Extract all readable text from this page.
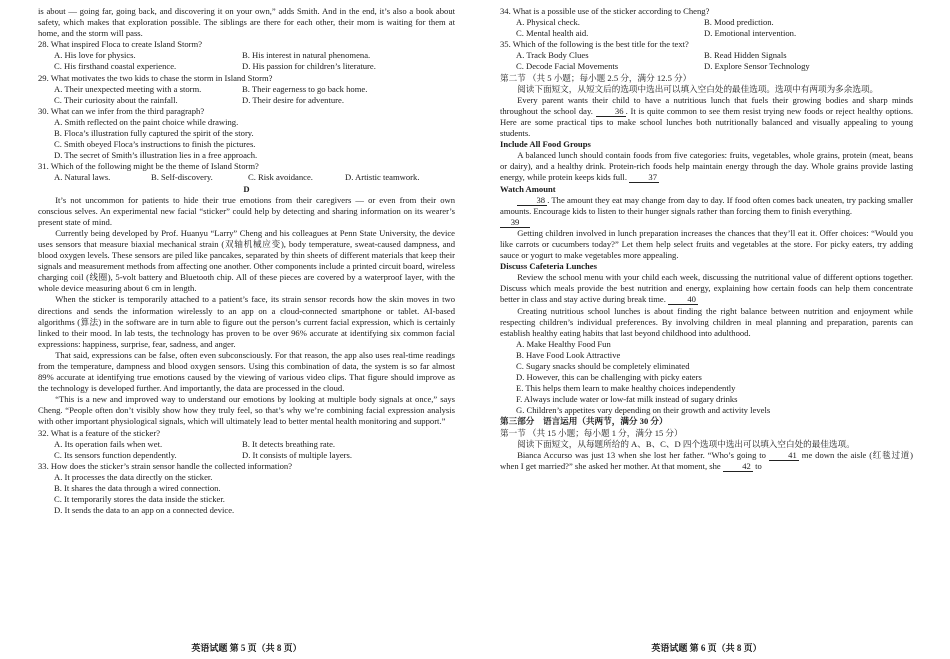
is about — going far, going back, and discovering it on your own,” adds Smith. And in the end, it’s also a book about safety, which makes that exploration possible. The siblings are there for each other, their mom is waiting for them at home, and the storm will pass.

28. What inspired Floca to create Island Storm?

A. His love for physics.	B. His interest in natural phenomena.
C. His firsthand coastal experience.	D. His passion for children’s literature.

29. What motivates the two kids to chase the storm in Island Storm?

A. Their unexpected meeting with a storm.	B. Their eagerness to go back home.
C. Their curiosity about the rainfall.	D. Their desire for adventure.

30. What can we infer from the third paragraph?

A. Smith reflected on the paint choice while drawing.

B. Floca’s illustration fully captured the spirit of the story.

C. Smith obeyed Floca’s instructions to finish the pictures.

D. The secret of Smith’s illustration lies in a free approach.

31. Which of the following might be the theme of Island Storm?

A. Natural laws.	B. Self-discovery.	C. Risk avoidance.	D. Artistic teamwork.

D

It’s not uncommon for patients to hide their true emotions from their caregivers — or even from their own conscious selves. An experimental new facial “sticker” could help by detecting and sharing information on its wearer’s present state of mind.

Currently being developed by Prof. Huanyu “Larry” Cheng and his colleagues at Penn State University, the device uses sensors that measure biaxial mechanical strain (双轴机械应变), body temperature, sweat-caused dampness, and blood oxygen levels. These sensors are piled like pancakes, separated by thin sheets of different materials that keep their signals and measurement methods from affecting one another. Other components include a printed circuit board, wireless charging coil (线圈), 5-volt battery and Bluetooth chip. All of these pieces are covered by a waterproof layer, with the whole device measuring about 6 cm in length.

When the sticker is temporarily attached to a patient’s face, its strain sensor records how the skin moves in two directions and sends the information wirelessly to an app on a cloud-connected smartphone or tablet. AI-based algorithms (算法) in the software are in turn able to figure out the person’s current facial expression, which is certainly linked to their mood. In lab tests, the technology has proven to be over 96% accurate at identifying six common facial expressions: happiness, surprise, fear, sadness, and anger.

That said, expressions can be false, often even subconsciously. For that reason, the app also uses real-time readings from the temperature, dampness and blood oxygen sensors. Using this combination of data, the system is so far almost 89% accurate at identifying true emotions caused by the viewing of various video clips. That figure should improve as the technology is developed further. And importantly, the data are processed in the cloud.

“This is a new and improved way to understand our emotions by looking at multiple body signals at once,” says Cheng. “People often don’t visibly show how they truly feel, so that’s why we’re combining facial expression analysis with other important physiological signals, which will ultimately lead to better mental health monitoring and support.”

32. What is a feature of the sticker?

A. Its operation fails when wet.	B. It detects breathing rate.
C. Its sensors function dependently.	D. It consists of multiple layers.

33. How does the sticker’s strain sensor handle the collected information?

A. It processes the data directly on the sticker.

B. It shares the data through a wired connection.

C. It temporarily stores the data inside the sticker.

D. It sends the data to an app on a connected device.

34. What is a possible use of the sticker according to Cheng?

A. Physical check.	B. Mood prediction.
C. Mental health aid.	D. Emotional intervention.

35. Which of the following is the best title for the text?

A. Track Body Clues	B. Read Hidden Signals
C. Decode Facial Movements	D. Explore Sensor Technology

第二节 （共 5 小题；每小题 2.5 分，满分 12.5 分）

阅读下面短文，从短文后的选项中选出可以填入空白处的最佳选项。选项中有两项为多余选项。

Every parent wants their child to have a nutritious lunch that fuels their growing bodies and sharp minds throughout the school day.	36 . It is quite common to see them resist trying new foods or reject healthy options. Here are some practical tips to make school lunches both nutritionally balanced and visually appealing to young students.

Include All Food Groups

A balanced lunch should contain foods from five categories: fruits, vegetables, whole grains, protein (meat, beans or dairy), and a healthy drink. Protein-rich foods help maintain energy through the day. Whole grains provide lasting energy, while protein keeps kids full. 37

Watch Amount

38 . The amount they eat may change from day to day. If food often comes back uneaten, try packing smaller amounts. Encourage kids to listen to their hunger signals rather than forcing them to finish everything.

39

Getting children involved in lunch preparation increases the chances that they’ll eat it. Offer choices: “Would you like carrots or cucumbers today?” Let them help select fruits and vegetables at the store. For picky eaters, try adding sauce or yogurt to make vegetables more appealing.

Discuss Cafeteria Lunches

Review the school menu with your child each week, discussing the nutritional value of different options together. Discuss which meals provide the best nutrition and energy, explaining how certain foods can help them concentrate better in class and stay active during break time. 40

Creating nutritious school lunches is about finding the right balance between nutrition and enjoyment while respecting children’s individual preferences. By involving children in meal planning and preparation, parents can establish healthy eating habits that last beyond childhood into adulthood.

A. Make Healthy Food Fun

B. Have Food Look Attractive

C. Sugary snacks should be completely eliminated

D. However, this can be challenging with picky eaters

E. This helps them learn to make healthy choices independently

F. Always include water or low-fat milk instead of sugary drinks

G. Children’s appetites vary depending on their growth and activity levels

第三部分　语言运用（共两节，满分 30 分）

第一节 （共 15 小题；每小题 1 分，满分 15 分）

阅读下面短文，从每题所给的 A、B、C、D 四个选项中选出可以填入空白处的最佳选项。

Bianca Accurso was just 13 when she lost her father. “Who’s going to	41 me down the aisle (红毯过道) when I get married?” she asked her mother. At that moment, she 42 to

英语试题 第 5 页（共 8 页）	英语试题 第 6 页（共 8 页）
